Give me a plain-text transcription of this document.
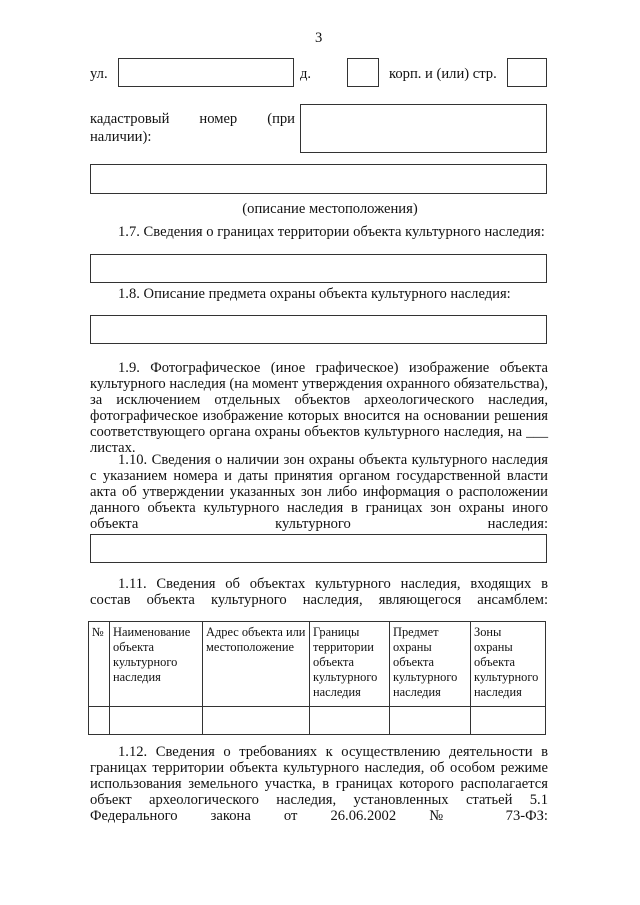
3
ул.	д.	корп. и (или) стр.
кадастровый номер (при
наличии):
(описание местоположения)
1.7. Сведения о границах территории объекта культурного наследия:
1.8. Описание предмета охраны объекта культурного наследия:
1.9. Фотографическое (иное графическое) изображение объекта культурного наследия (на момент утверждения охранного обязательства), за исключением отдельных объектов археологического наследия, фотографическое изображение которых вносится на основании решения соответствующего органа охраны объектов культурного наследия, на ___ листах.
1.10. Сведения о наличии зон охраны объекта культурного наследия с указанием номера и даты принятия органом государственной власти акта об утверждении указанных зон либо информация о расположении данного объекта культурного наследия в границах зон охраны иного объекта культурного наследия:
1.11. Сведения об объектах культурного наследия, входящих в состав объекта культурного наследия, являющегося ансамблем:
№	Наименование объекта культурного наследия	Адрес объекта или местоположение	Границы территории объекта культурного наследия	Предмет охраны объекта культурного наследия	Зоны охраны объекта культурного наследия

1.12. Сведения о требованиях к осуществлению деятельности в границах территории объекта культурного наследия, об особом режиме использования земельного участка, в границах которого располагается объект археологического наследия, установленных статьей 5.1 Федерального закона от 26.06.2002 № 73-ФЗ:
